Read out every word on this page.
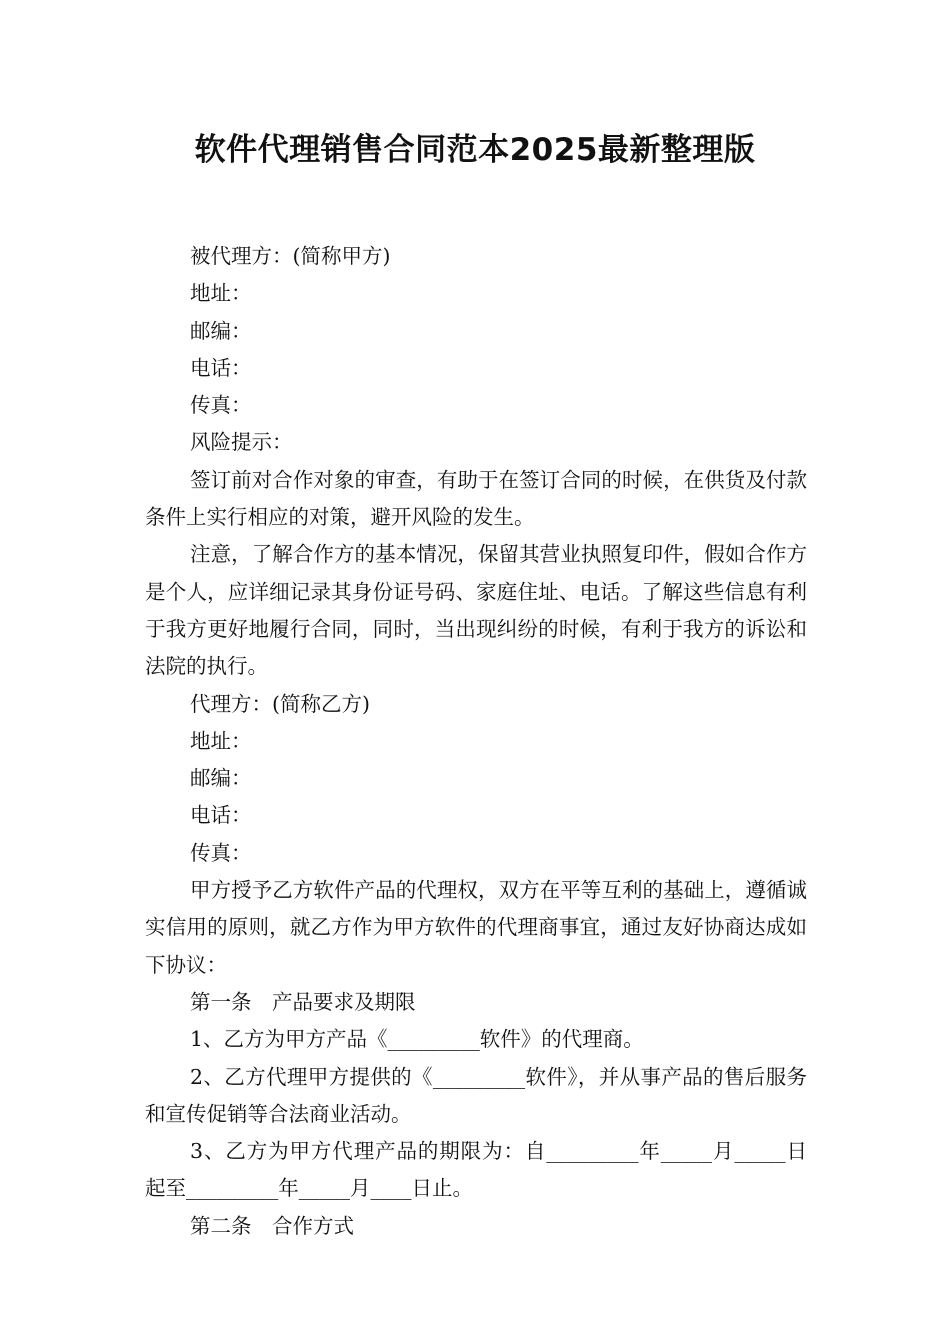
软件代理销售合同范本2025最新整理版

被代理方：(简称甲方)

地址：

邮编：

电话：

传真：

风险提示：

签订前对合作对象的审查，有助于在签订合同的时候，在供货及付款条件上实行相应的对策，避开风险的发生。

注意，了解合作方的基本情况，保留其营业执照复印件，假如合作方是个人，应详细记录其身份证号码、家庭住址、电话。了解这些信息有利于我方更好地履行合同，同时，当出现纠纷的时候，有利于我方的诉讼和法院的执行。

代理方：(简称乙方)

地址：

邮编：

电话：

传真：

甲方授予乙方软件产品的代理权，双方在平等互利的基础上，遵循诚实信用的原则，就乙方作为甲方软件的代理商事宜，通过友好协商达成如下协议：

第一条　产品要求及期限

1、乙方为甲方产品《_________软件》的代理商。

2、乙方代理甲方提供的《_________软件》，并从事产品的售后服务和宣传促销等合法商业活动。

3、乙方为甲方代理产品的期限为：自_________年_____月_____日起至_________年_____月____日止。

第二条　合作方式
